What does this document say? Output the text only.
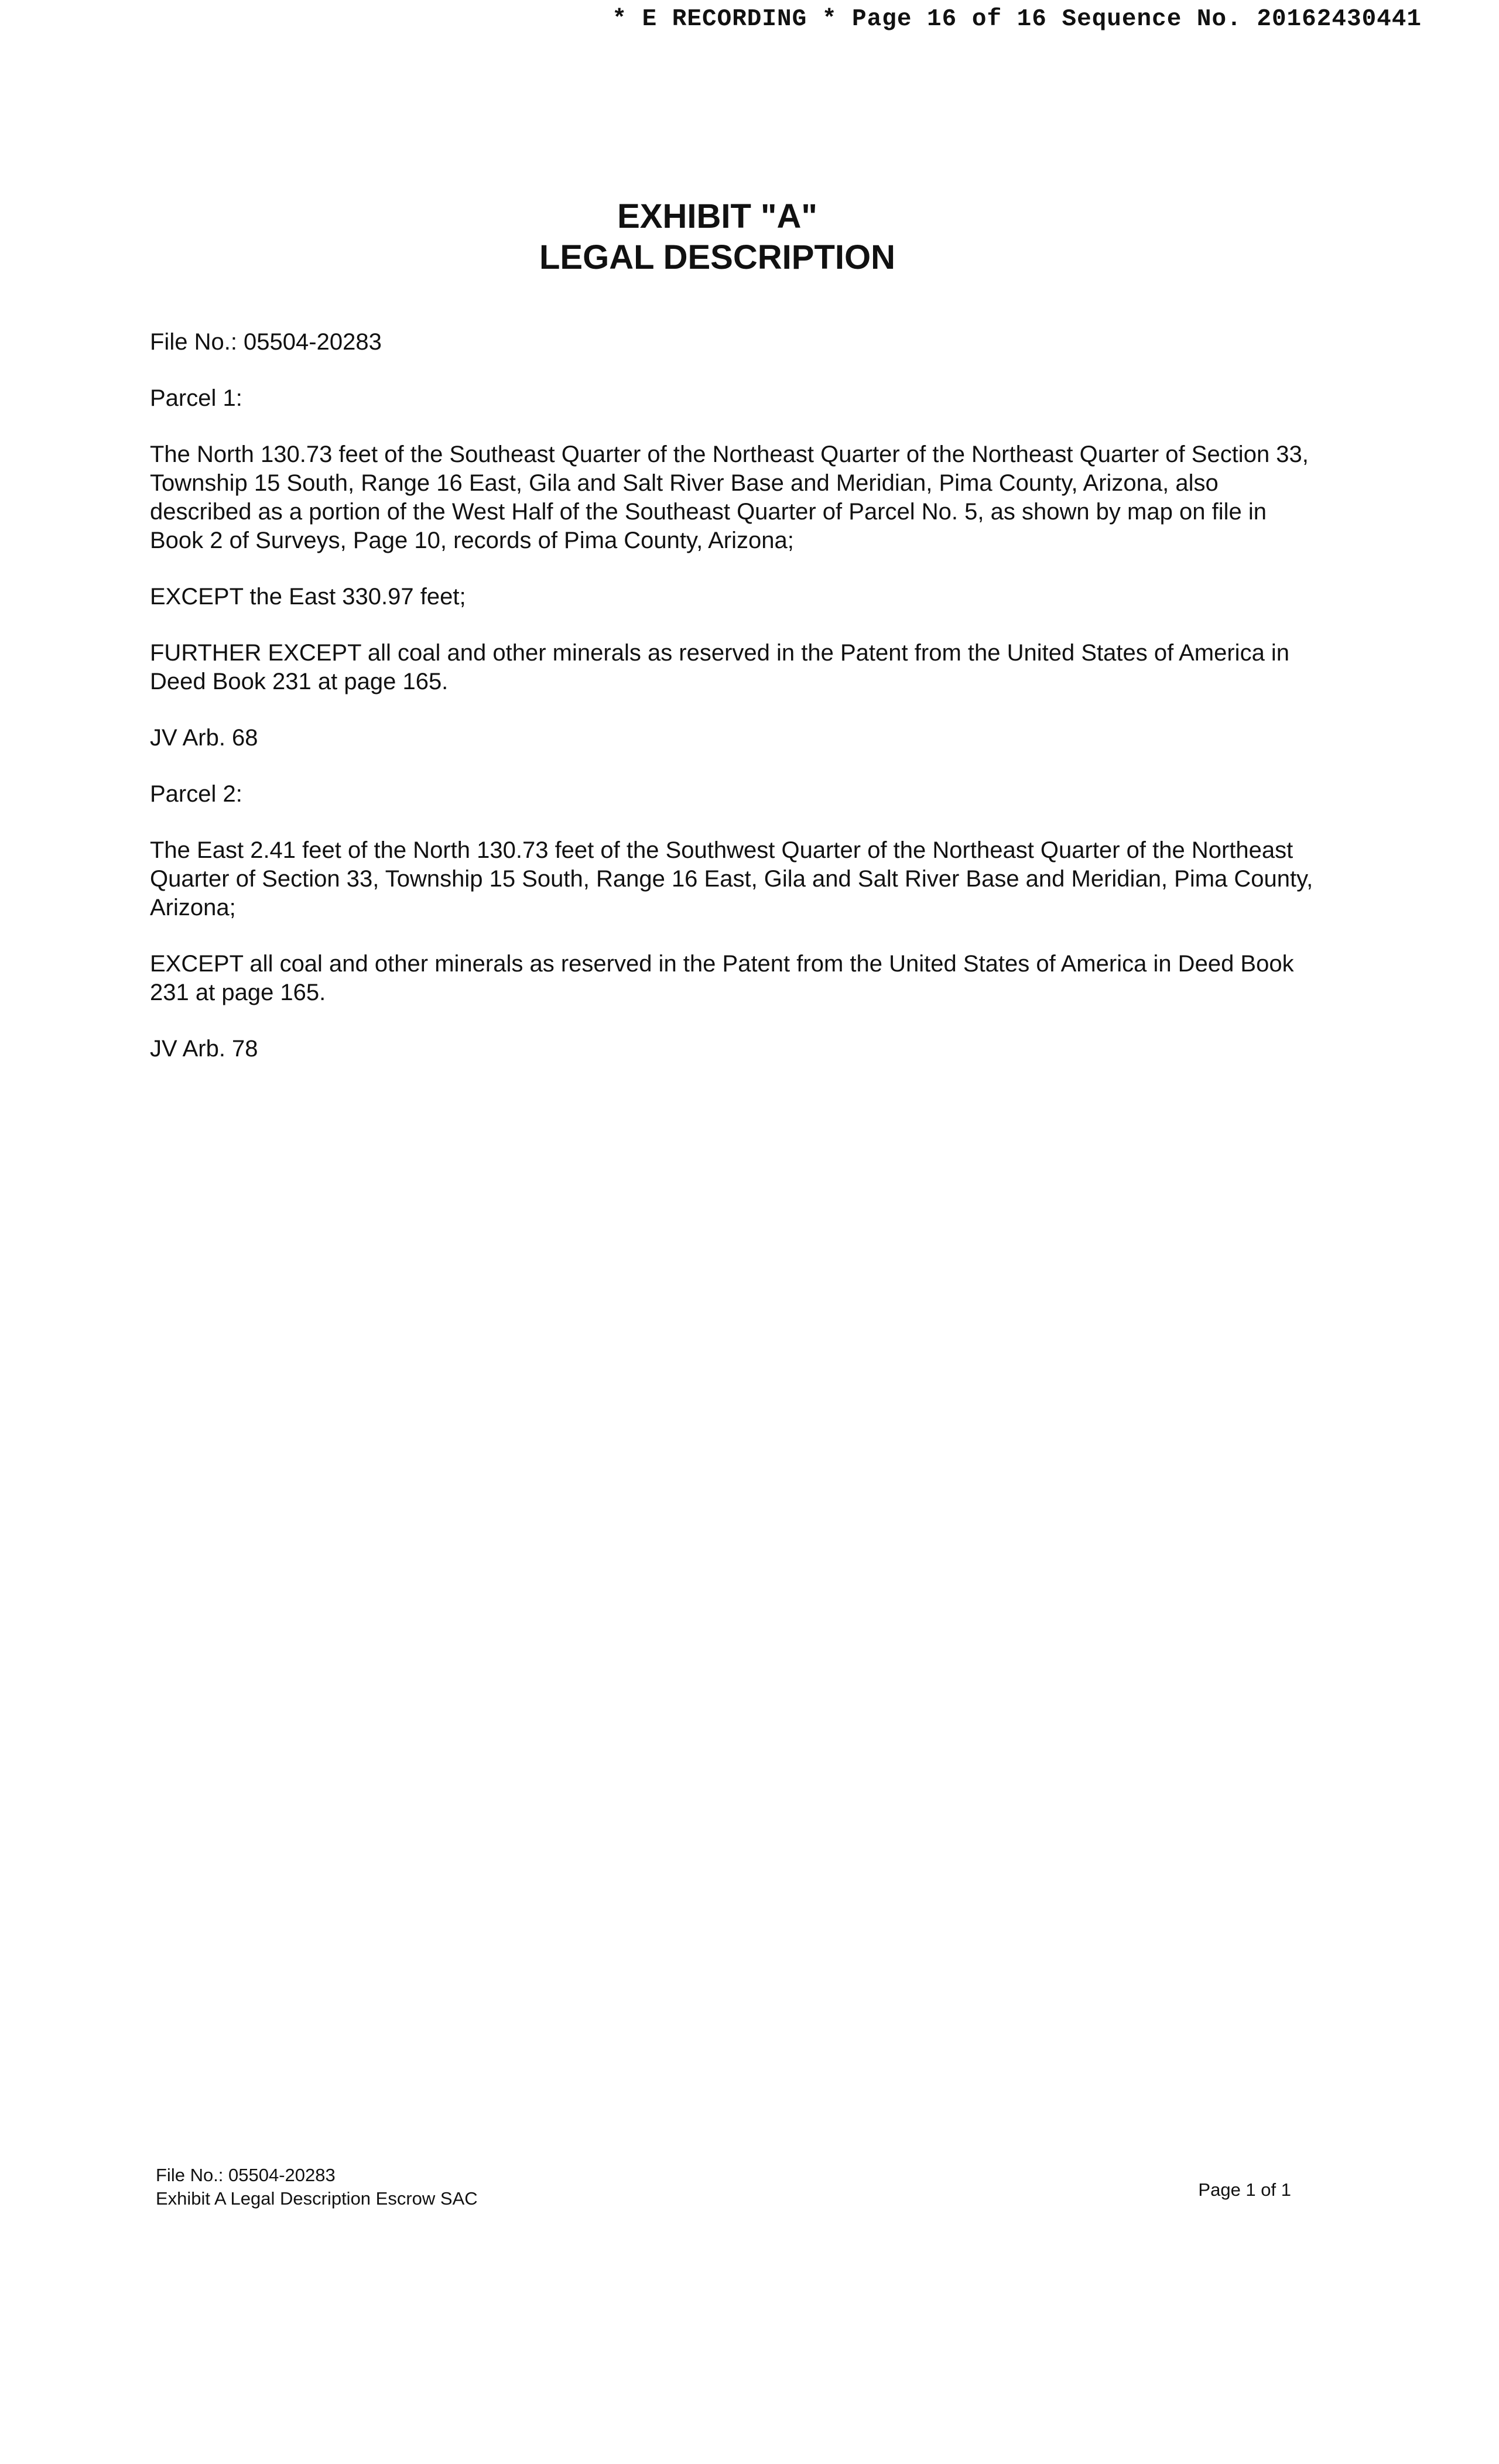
* E RECORDING * Page 16 of 16 Sequence No. 20162430441
EXHIBIT "A"
LEGAL DESCRIPTION

File No.: 05504-20283

Parcel 1:

The North 130.73 feet of the Southeast Quarter of the Northeast Quarter of the Northeast Quarter of Section 33, Township 15 South, Range 16 East, Gila and Salt River Base and Meridian, Pima County, Arizona, also described as a portion of the West Half of the Southeast Quarter of Parcel No. 5, as shown by map on file in Book 2 of Surveys, Page 10, records of Pima County, Arizona;

EXCEPT the East 330.97 feet;

FURTHER EXCEPT all coal and other minerals as reserved in the Patent from the United States of America in Deed Book 231 at page 165.

JV Arb. 68

Parcel 2:

The East 2.41 feet of the North 130.73 feet of the Southwest Quarter of the Northeast Quarter of the Northeast Quarter of Section 33, Township 15 South, Range 16 East, Gila and Salt River Base and Meridian, Pima County, Arizona;

EXCEPT all coal and other minerals as reserved in the Patent from the United States of America in Deed Book 231 at page 165.

JV Arb. 78

File No.: 05504-20283
Exhibit A Legal Description Escrow SAC	Page 1 of 1
